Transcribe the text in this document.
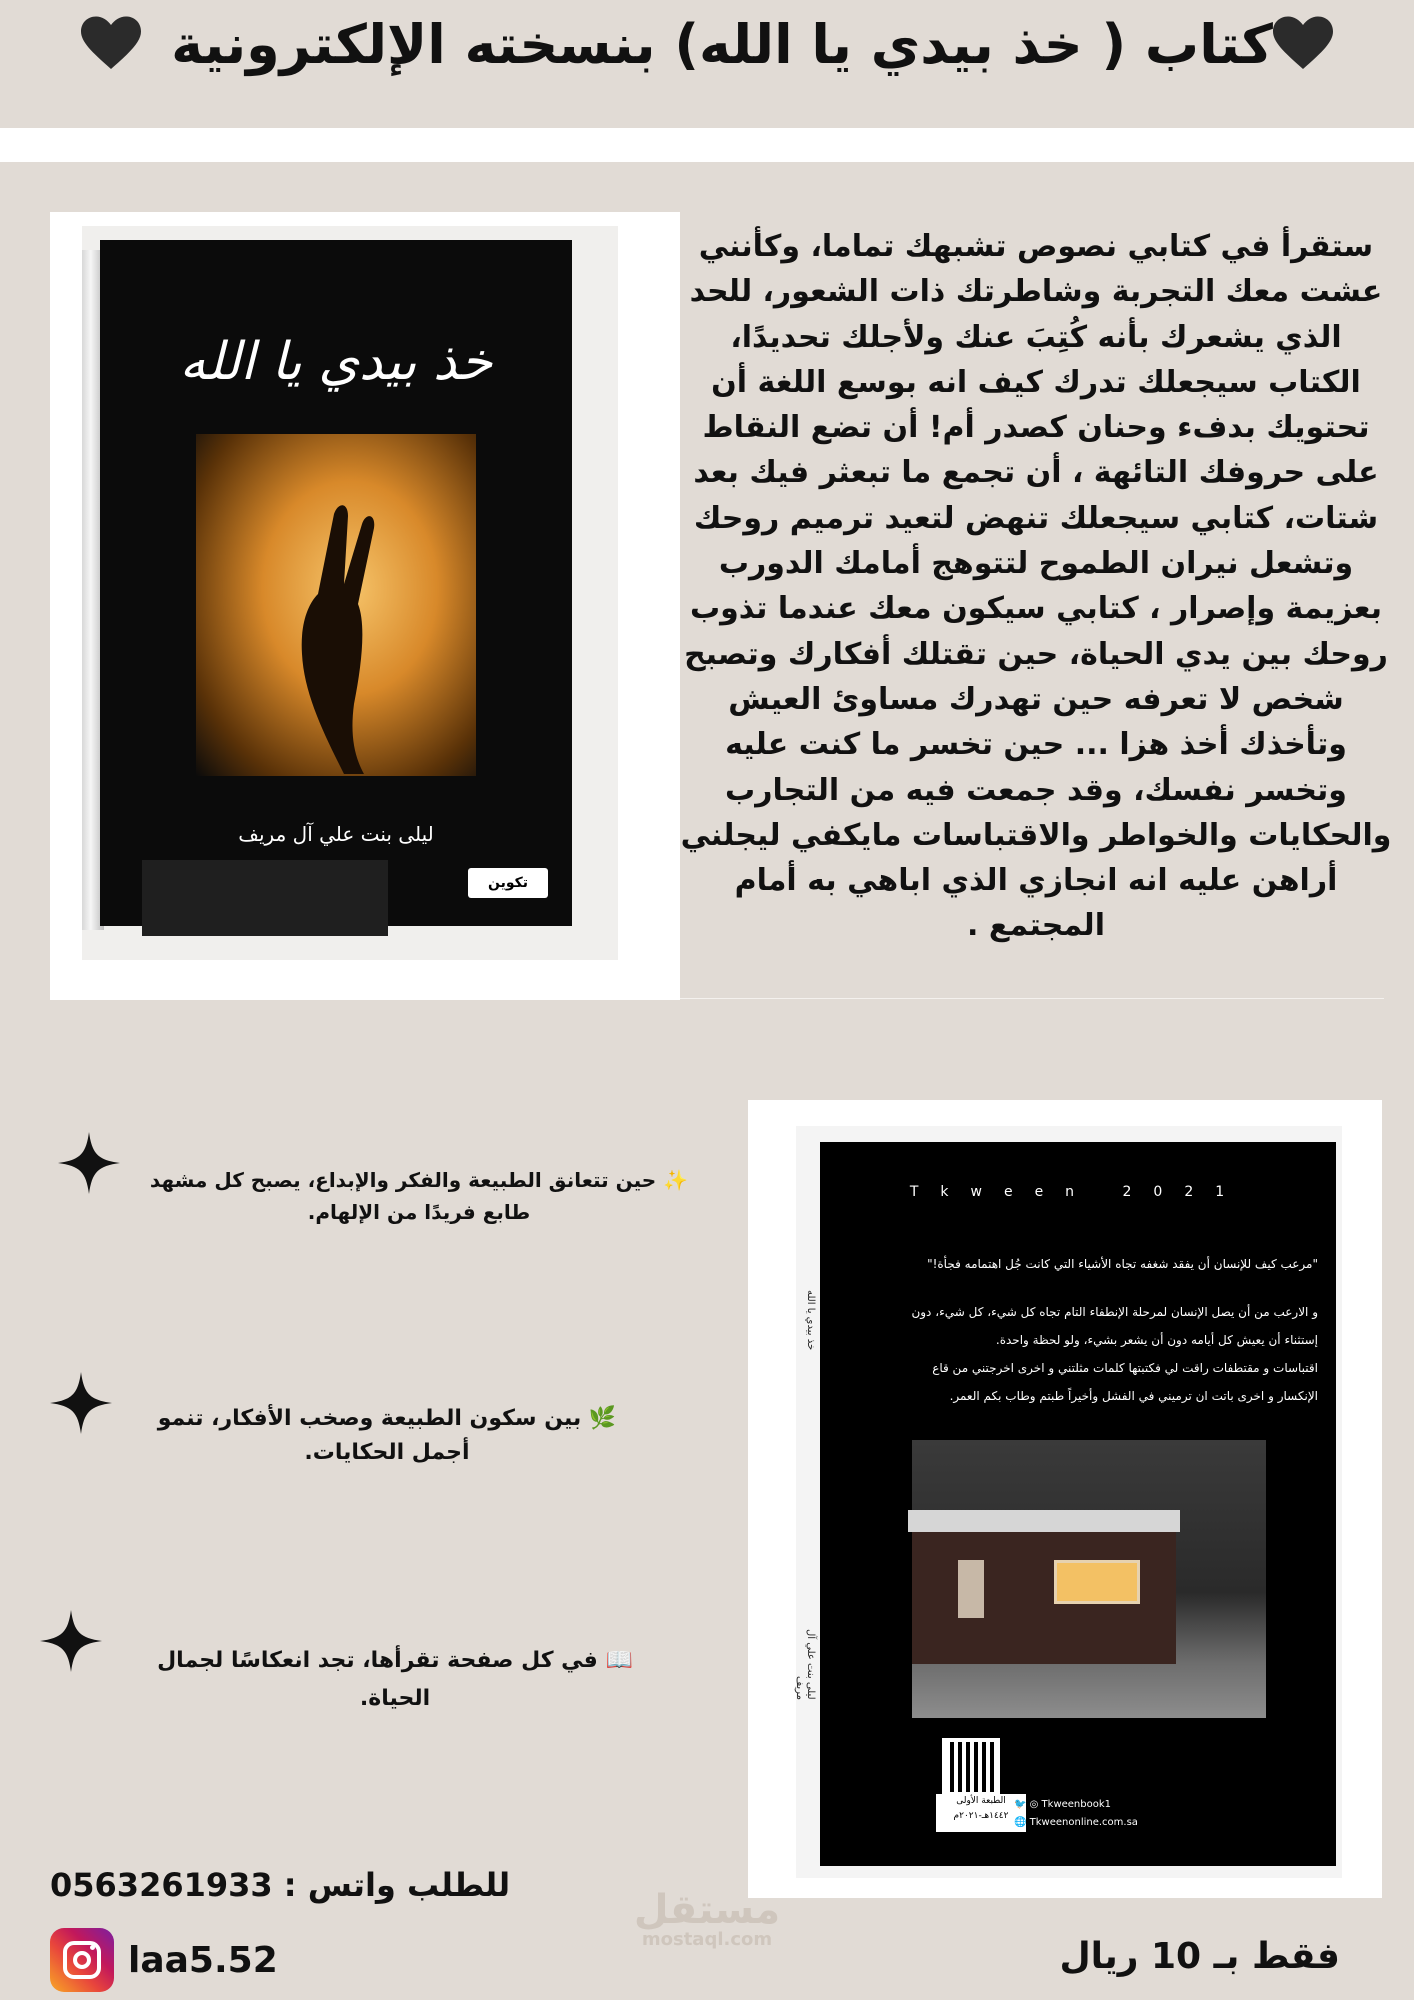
كتاب ( خذ بيدي يا الله) بنسخته الإلكترونية
خذ بيدي يا الله
ليلى بنت علي آل مريف
تكوين
ستقرأ في كتابي نصوص تشبهك تماما، وكأنني عشت معك التجربة وشاطرتك ذات الشعور، للحد الذي يشعرك بأنه كُتِبَ عنك ولأجلك تحديدًا، الكتاب سيجعلك تدرك كيف انه بوسع اللغة أن تحتويك بدفء وحنان كصدر أم! أن تضع النقاط على حروفك التائهة ، أن تجمع ما تبعثر فيك بعد شتات، كتابي سيجعلك تنهض لتعيد ترميم روحك وتشعل نيران الطموح لتتوهج أمامك الدورب بعزيمة وإصرار ، كتابي سيكون معك عندما تذوب روحك بين يدي الحياة، حين تقتلك أفكارك وتصبح شخص لا تعرفه حين تهدرك مساوئ العيش وتأخذك أخذ هزا ... حين تخسر ما كنت عليه وتخسر نفسك، وقد جمعت فيه من التجارب والحكايات والخواطر والاقتباسات مايكفي ليجلني أراهن عليه انه انجازي الذي اباهي به أمام المجتمع .
✨ حين تتعانق الطبيعة والفكر والإبداع، يصبح كل مشهد طابع فريدًا من الإلهام.
🌿 بين سكون الطبيعة وصخب الأفكار، تنمو أجمل الحكايات.
📖 في كل صفحة تقرأها، تجد انعكاسًا لجمال الحياة.
خذ بيدي يا الله
ليلى بنت علي آل مريف
Tkween 2021
"مرعب كيف للإنسان أن يفقد شغفه تجاه الأشياء التي كانت جُل اهتمامه فجأة!"
و الارعب من أن يصل الإنسان لمرحلة الإنطفاء التام تجاه كل شيء، كل شيء، دون
إستثناء أن يعيش كل أيامه دون أن يشعر بشيء، ولو لحظة واحدة.
اقتباسات و مقتطفات راقت لي فكتبتها كلمات مثلتني و اخرى اخرجتني من قاع
الإنكسار و اخرى باتت ان ترميني في الفشل وأخيراً طبتم وطاب بكم العمر.
الطبعة الأولى
١٤٤٢هـ-٢٠٢١م
🐦 ◎ Tkweenbook1
🌐 Tkweenonline.com.sa
للطلب واتس : 0563261933
laa5.52
مستقل
mostaql.com	فقط بـ 10 ريال
